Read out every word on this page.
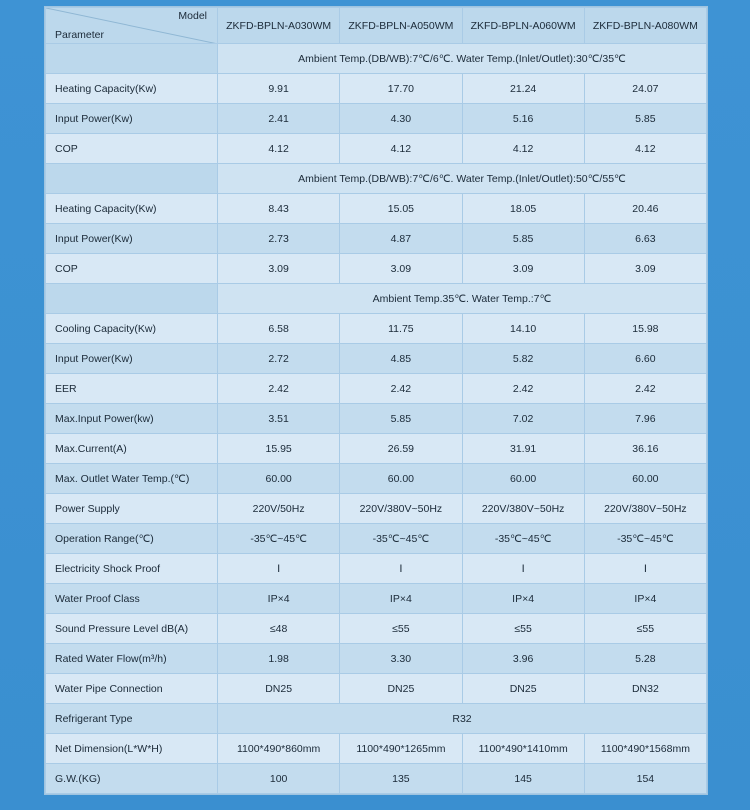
Model
Parameter	ZKFD-BPLN-A030WM	ZKFD-BPLN-A050WM	ZKFD-BPLN-A060WM	ZKFD-BPLN-A080WM
	Ambient Temp.(DB/WB):7℃/6℃. Water Temp.(Inlet/Outlet):30℃/35℃			
Heating Capacity(Kw)	9.91	17.70	21.24	24.07
Input Power(Kw)	2.41	4.30	5.16	5.85
COP	4.12	4.12	4.12	4.12
	Ambient Temp.(DB/WB):7℃/6℃. Water Temp.(Inlet/Outlet):50℃/55℃			
Heating Capacity(Kw)	8.43	15.05	18.05	20.46
Input Power(Kw)	2.73	4.87	5.85	6.63
COP	3.09	3.09	3.09	3.09
	Ambient Temp.35℃. Water Temp.:7℃			
Cooling Capacity(Kw)	6.58	11.75	14.10	15.98
Input Power(Kw)	2.72	4.85	5.82	6.60
EER	2.42	2.42	2.42	2.42
Max.Input Power(kw)	3.51	5.85	7.02	7.96
Max.Current(A)	15.95	26.59	31.91	36.16
Max. Outlet Water Temp.(℃)	60.00	60.00	60.00	60.00
Power Supply	220V/50Hz	220V/380V~50Hz	220V/380V~50Hz	220V/380V~50Hz
Operation Range(℃)	-35℃~45℃	-35℃~45℃	-35℃~45℃	-35℃~45℃
Electricity Shock Proof	Ⅰ	Ⅰ	Ⅰ	Ⅰ
Water Proof Class	IP×4	IP×4	IP×4	IP×4
Sound Pressure Level dB(A)	≤48	≤55	≤55	≤55
Rated Water Flow(m³/h)	1.98	3.30	3.96	5.28
Water Pipe Connection	DN25	DN25	DN25	DN32
Refrigerant Type	R32			
Net Dimension(L*W*H)	1100*490*860mm	1100*490*1265mm	1100*490*1410mm	1100*490*1568mm
G.W.(KG)	100	135	145	154
